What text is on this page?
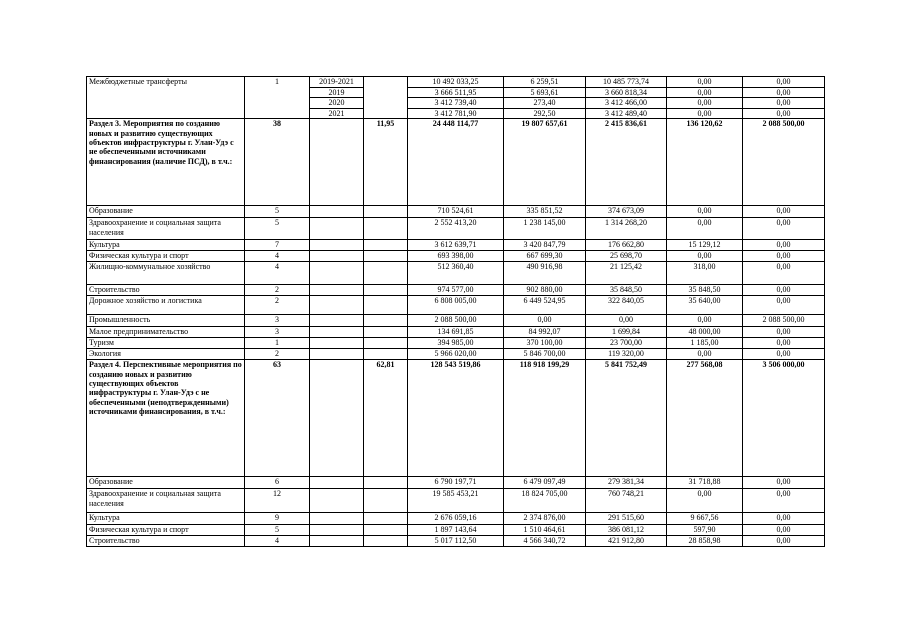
Межбюджетные трансферты	1	2019-2021		10 492 033,25	6 259,51	10 485 773,74	0,00	0,00
		2019		3 666 511,95	5 693,61	3 660 818,34	0,00	0,00
		2020		3 412 739,40	273,40	3 412 466,00	0,00	0,00
		2021		3 412 781,90	292,50	3 412 489,40	0,00	0,00
Раздел 3. Мероприятия по созданию новых и развитию существующих объектов инфраструктуры г. Улан-Удэ с не обеспеченными источниками финансирования (наличие ПСД), в т.ч.:	38		11,95	24 448 114,77	19 807 657,61	2 415 836,61	136 120,62	2 088 500,00
Образование	5			710 524,61	335 851,52	374 673,09	0,00	0,00
Здравоохранение и социальная защита населения	5			2 552 413,20	1 238 145,00	1 314 268,20	0,00	0,00
Культура	7			3 612 639,71	3 420 847,79	176 662,80	15 129,12	0,00
Физическая культура и спорт	4			693 398,00	667 699,30	25 698,70	0,00	0,00
Жилищно-коммунальное хозяйство	4			512 360,40	490 916,98	21 125,42	318,00	0,00
Строительство	2			974 577,00	902 880,00	35 848,50	35 848,50	0,00
Дорожное хозяйство и логистика	2			6 808 005,00	6 449 524,95	322 840,05	35 640,00	0,00
Промышленность	3			2 088 500,00	0,00	0,00	0,00	2 088 500,00
Малое предпринимательство	3			134 691,85	84 992,07	1 699,84	48 000,00	0,00
Туризм	1			394 985,00	370 100,00	23 700,00	1 185,00	0,00
Экология	2			5 966 020,00	5 846 700,00	119 320,00	0,00	0,00
Раздел 4. Перспективные мероприятия по созданию новых и развитию существующих объектов инфраструктуры г. Улан-Удэ с не обеспеченными (неподтвержденными) источниками финансирования, в т.ч.:	63		62,81	128 543 519,86	118 918 199,29	5 841 752,49	277 568,08	3 506 000,00
Образование	6			6 790 197,71	6 479 097,49	279 381,34	31 718,88	0,00
Здравоохранение и социальная защита населения	12			19 585 453,21	18 824 705,00	760 748,21	0,00	0,00
Культура	9			2 676 059,16	2 374 876,00	291 515,60	9 667,56	0,00
Физическая культура и спорт	5			1 897 143,64	1 510 464,61	386 081,12	597,90	0,00
Строительство	4			5 017 112,50	4 566 340,72	421 912,80	28 858,98	0,00
